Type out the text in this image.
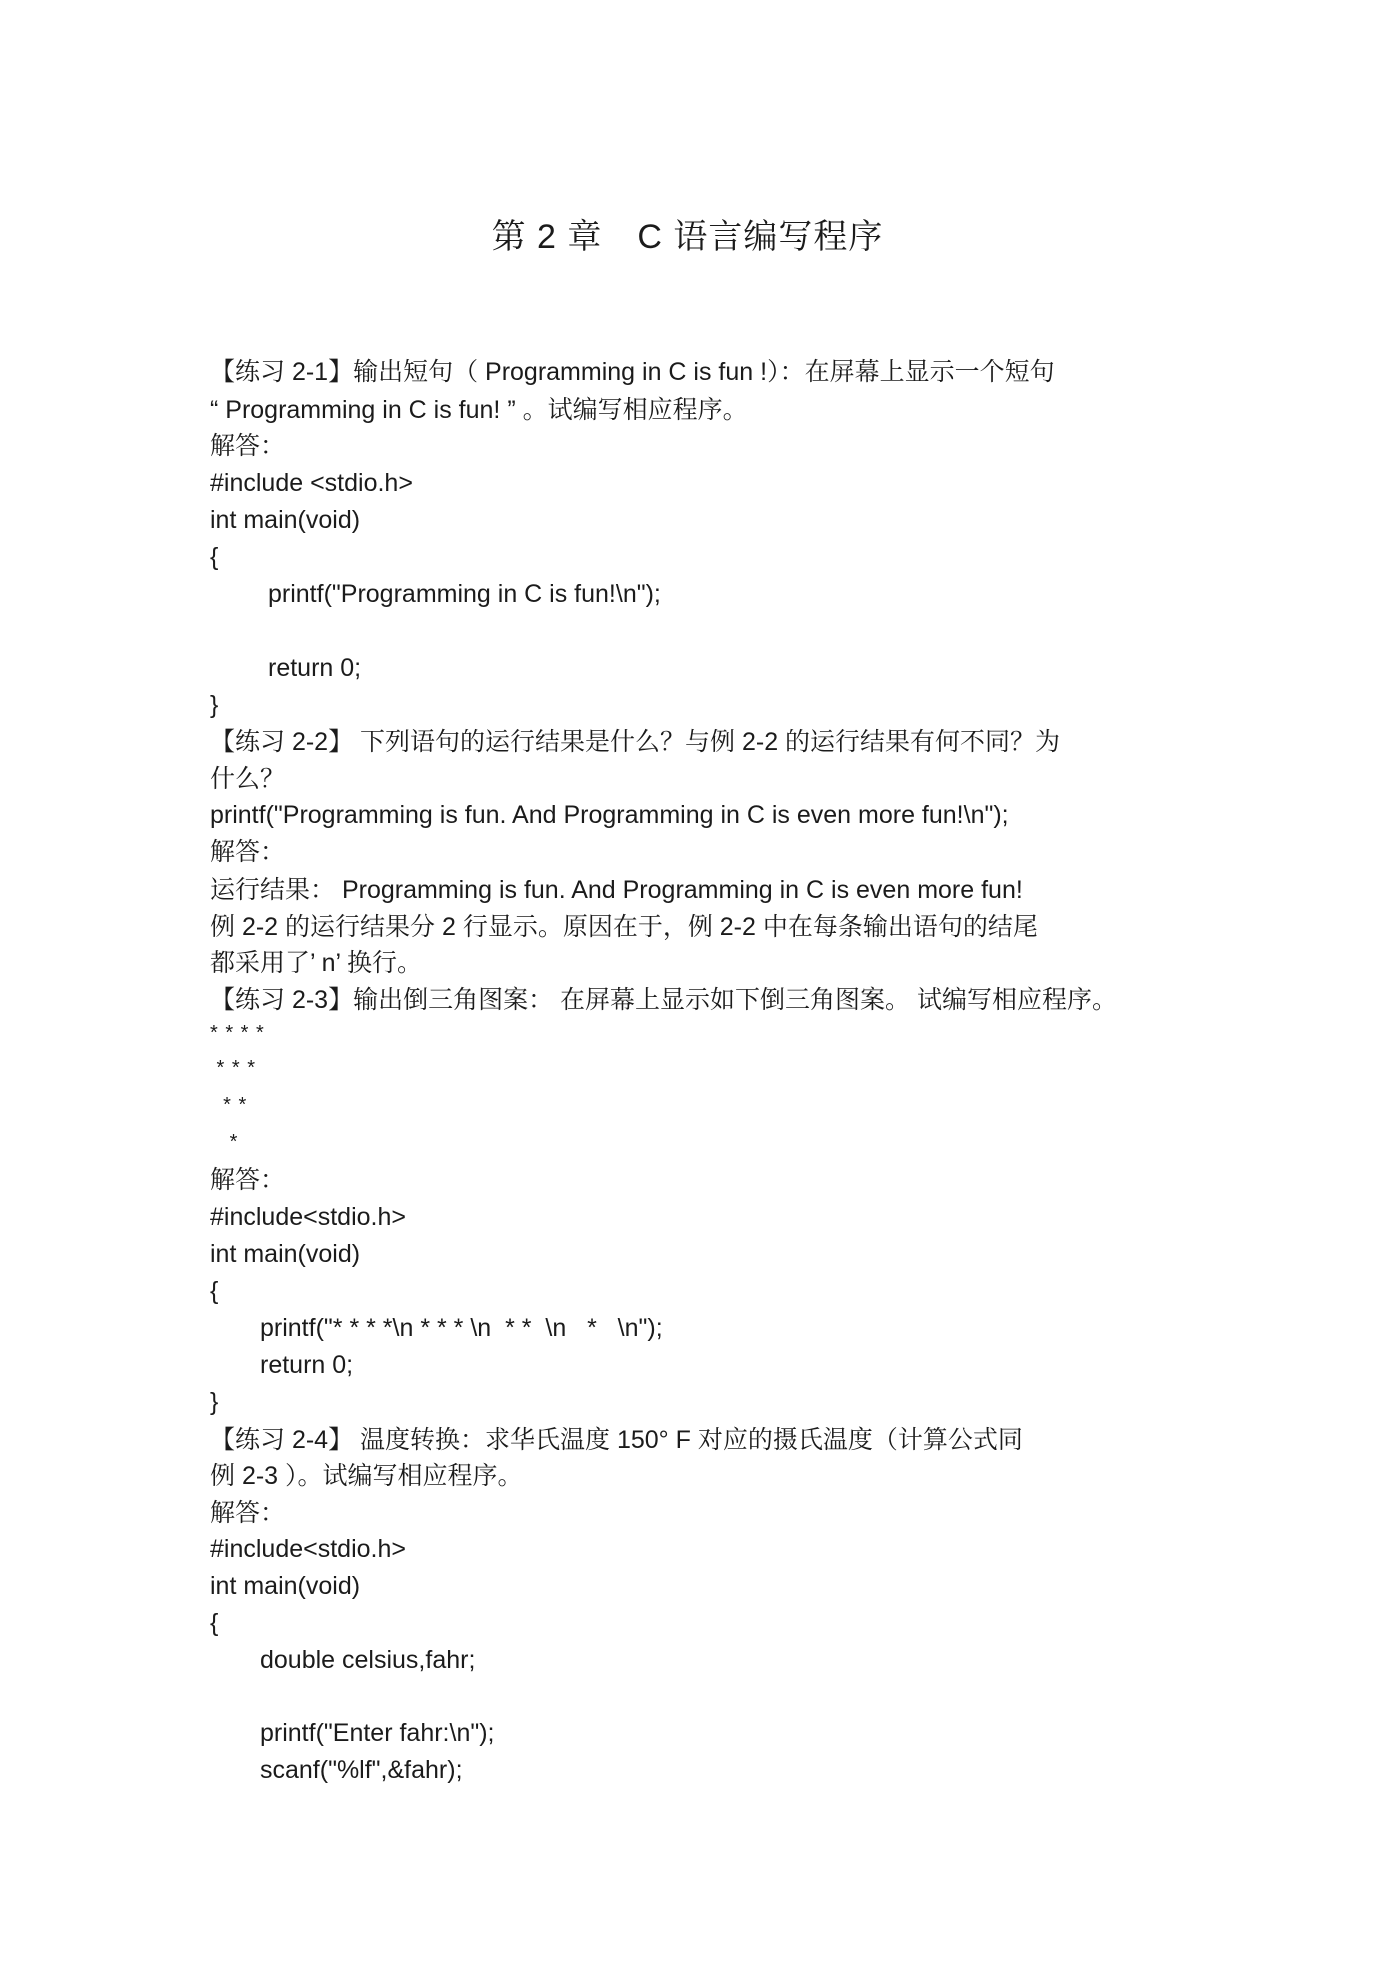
第 2 章　C 语言编写程序
【练习 2-1】输出短句（ Programming in C is fun !）：在屏幕上显示一个短句
“ Programming in C is fun! ” 。试编写相应程序。
解答：
#include <stdio.h>
int main(void)
{
printf("Programming in C is fun!\n");
return 0;
}
【练习 2-2】 下列语句的运行结果是什么？与例 2-2 的运行结果有何不同？为
什么？
printf("Programming is fun. And Programming in C is even more fun!\n");
解答：
运行结果： Programming is fun. And Programming in C is even more fun!
例 2-2 的运行结果分 2 行显示。原因在于，例 2-2 中在每条输出语句的结尾
都采用了’ n’ 换行。
【练习 2-3】输出倒三角图案： 在屏幕上显示如下倒三角图案。 试编写相应程序。
* * * *
* * *
* *
*
解答：
#include<stdio.h>
int main(void)
{
printf("* * * *\n * * * \n  * *  \n   *   \n");
return 0;
}
【练习 2-4】 温度转换：求华氏温度 150° F 对应的摄氏温度（计算公式同
例 2-3 ）。试编写相应程序。
解答：
#include<stdio.h>
int main(void)
{
double celsius,fahr;
printf("Enter fahr:\n");
scanf("%lf",&fahr);
